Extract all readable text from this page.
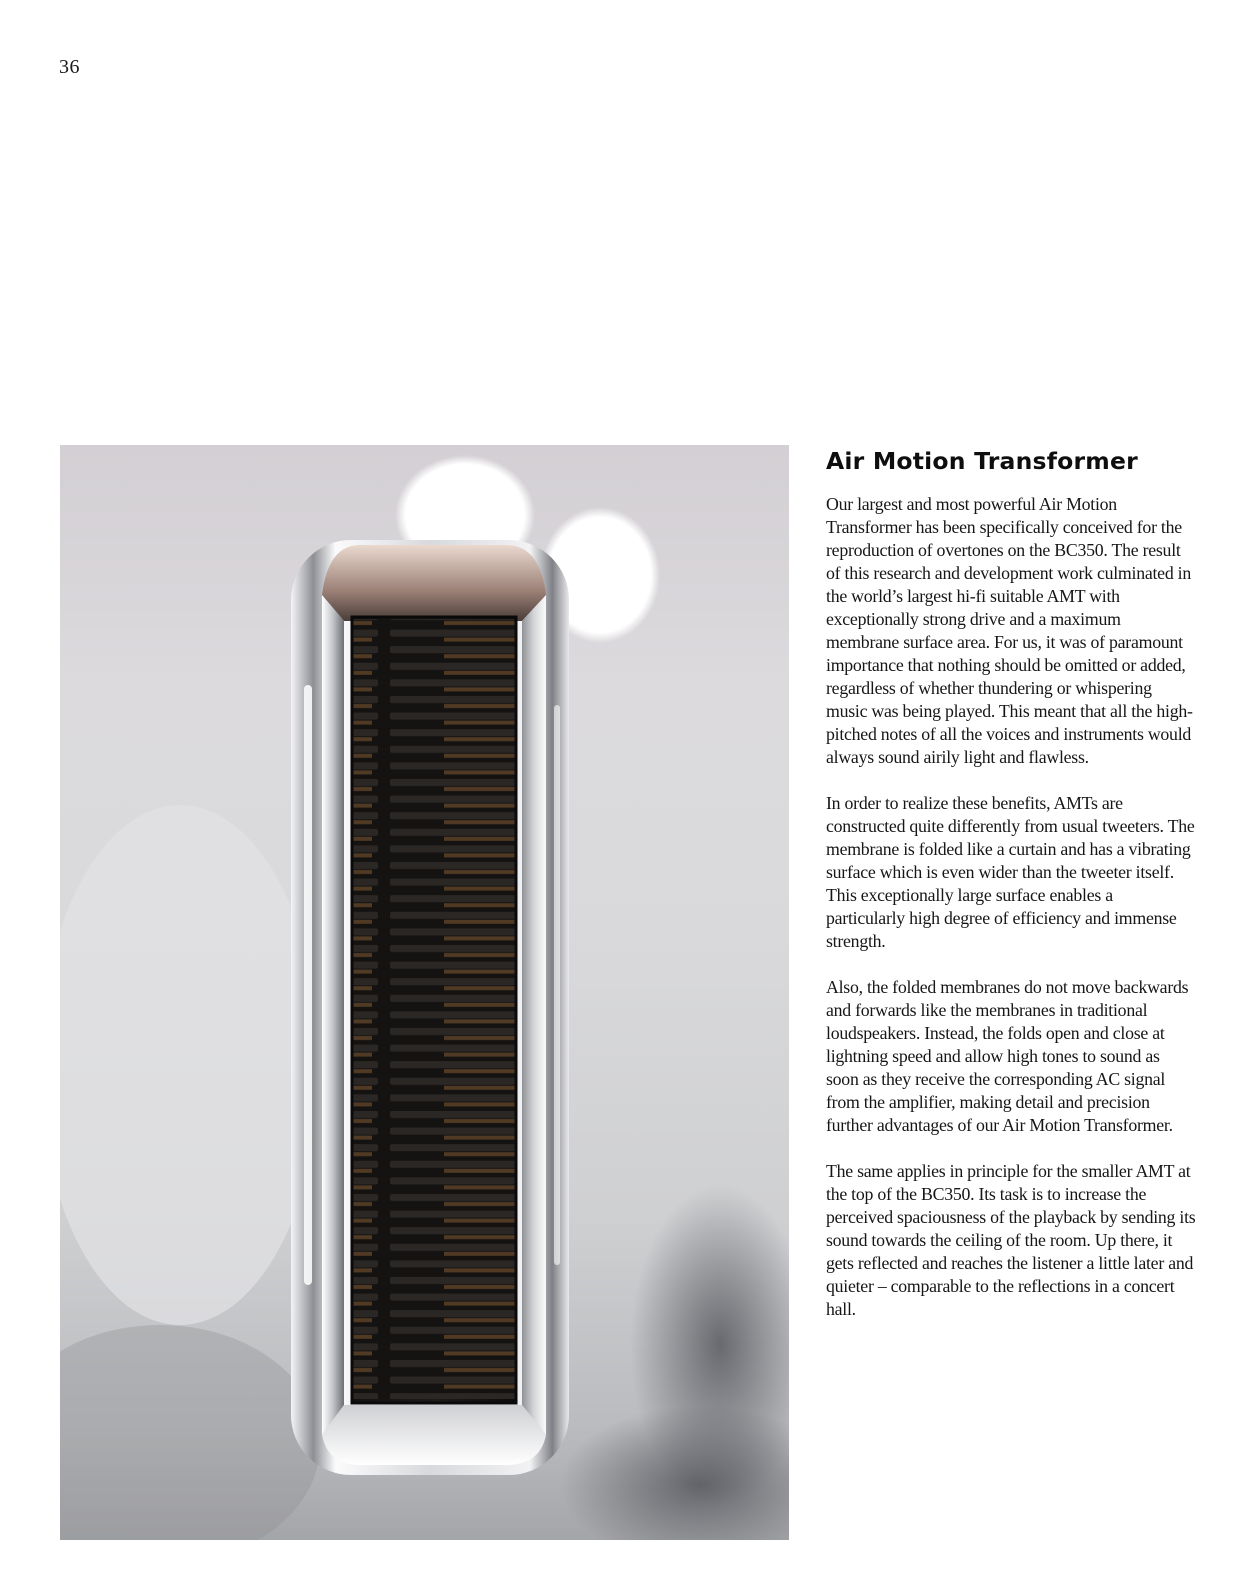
36
Air Motion Transformer

Our largest and most powerful Air Motion Transformer has been specifically conceived for the reproduction of overtones on the BC350. The result of this research and development work culminated in the world’s largest hi-fi suitable AMT with exceptionally strong drive and a maximum membrane surface area. For us, it was of paramount importance that nothing should be omitted or added, regardless of whether thundering or whispering music was being played. This meant that all the high-pitched notes of all the voices and instruments would always sound airily light and flawless.

In order to realize these benefits, AMTs are constructed quite differently from usual tweeters. The membrane is folded like a curtain and has a vibrating surface which is even wider than the tweeter itself. This exceptionally large surface enables a particularly high degree of efficiency and immense strength.

Also, the folded membranes do not move backwards and forwards like the membranes in traditional loudspeakers. Instead, the folds open and close at lightning speed and allow high tones to sound as soon as they receive the corresponding AC signal from the amplifier, making detail and precision further advantages of our Air Motion Transformer.

The same applies in principle for the smaller AMT at the top of the BC350. Its task is to increase the perceived spaciousness of the playback by sending its sound towards the ceiling of the room. Up there, it gets reflected and reaches the listener a little later and quieter – comparable to the reflections in a concert hall.
